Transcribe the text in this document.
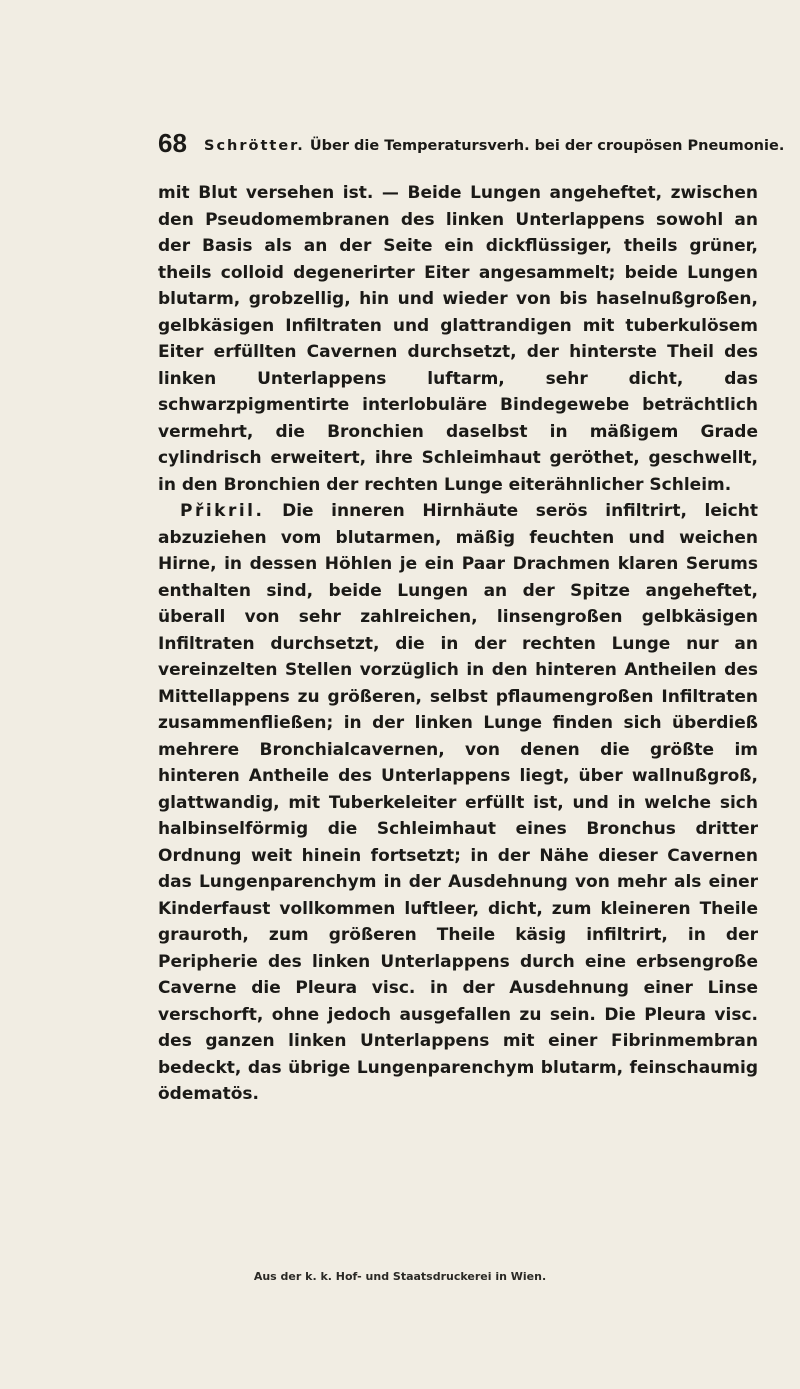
68 Schrötter. Über die Temperatursverh. bei der croupösen Pneumonie.

mit Blut versehen ist. — Beide Lungen angeheftet, zwischen den Pseudomembranen des linken Unterlappens sowohl an der Basis als an der Seite ein dickflüssiger, theils grüner, theils colloid degenerirter Eiter angesammelt; beide Lungen blutarm, grobzellig, hin und wieder von bis haselnußgroßen, gelbkäsigen Infiltraten und glattrandigen mit tuberkulösem Eiter erfüllten Cavernen durchsetzt, der hinterste Theil des linken Unterlappens luftarm, sehr dicht, das schwarzpigmentirte interlobuläre Bindegewebe beträchtlich vermehrt, die Bronchien daselbst in mäßigem Grade cylindrisch erweitert, ihre Schleimhaut geröthet, geschwellt, in den Bronchien der rechten Lunge eiterähnlicher Schleim.

Přikril. Die inneren Hirnhäute serös infiltrirt, leicht abzuziehen vom blutarmen, mäßig feuchten und weichen Hirne, in dessen Höhlen je ein Paar Drachmen klaren Serums enthalten sind, beide Lungen an der Spitze angeheftet, überall von sehr zahlreichen, linsengroßen gelbkäsigen Infiltraten durchsetzt, die in der rechten Lunge nur an vereinzelten Stellen vorzüglich in den hinteren Antheilen des Mittellappens zu größeren, selbst pflaumengroßen Infiltraten zusammenfließen; in der linken Lunge finden sich überdieß mehrere Bronchialcavernen, von denen die größte im hinteren Antheile des Unterlappens liegt, über wallnußgroß, glattwandig, mit Tuberkeleiter erfüllt ist, und in welche sich halbinselförmig die Schleimhaut eines Bronchus dritter Ordnung weit hinein fortsetzt; in der Nähe dieser Cavernen das Lungenparenchym in der Ausdehnung von mehr als einer Kinderfaust vollkommen luftleer, dicht, zum kleineren Theile grauroth, zum größeren Theile käsig infiltrirt, in der Peripherie des linken Unterlappens durch eine erbsengroße Caverne die Pleura visc. in der Ausdehnung einer Linse verschorft, ohne jedoch ausgefallen zu sein. Die Pleura visc. des ganzen linken Unterlappens mit einer Fibrinmembran bedeckt, das übrige Lungenparenchym blutarm, feinschaumig ödematös.

Aus der k. k. Hof- und Staatsdruckerei in Wien.
